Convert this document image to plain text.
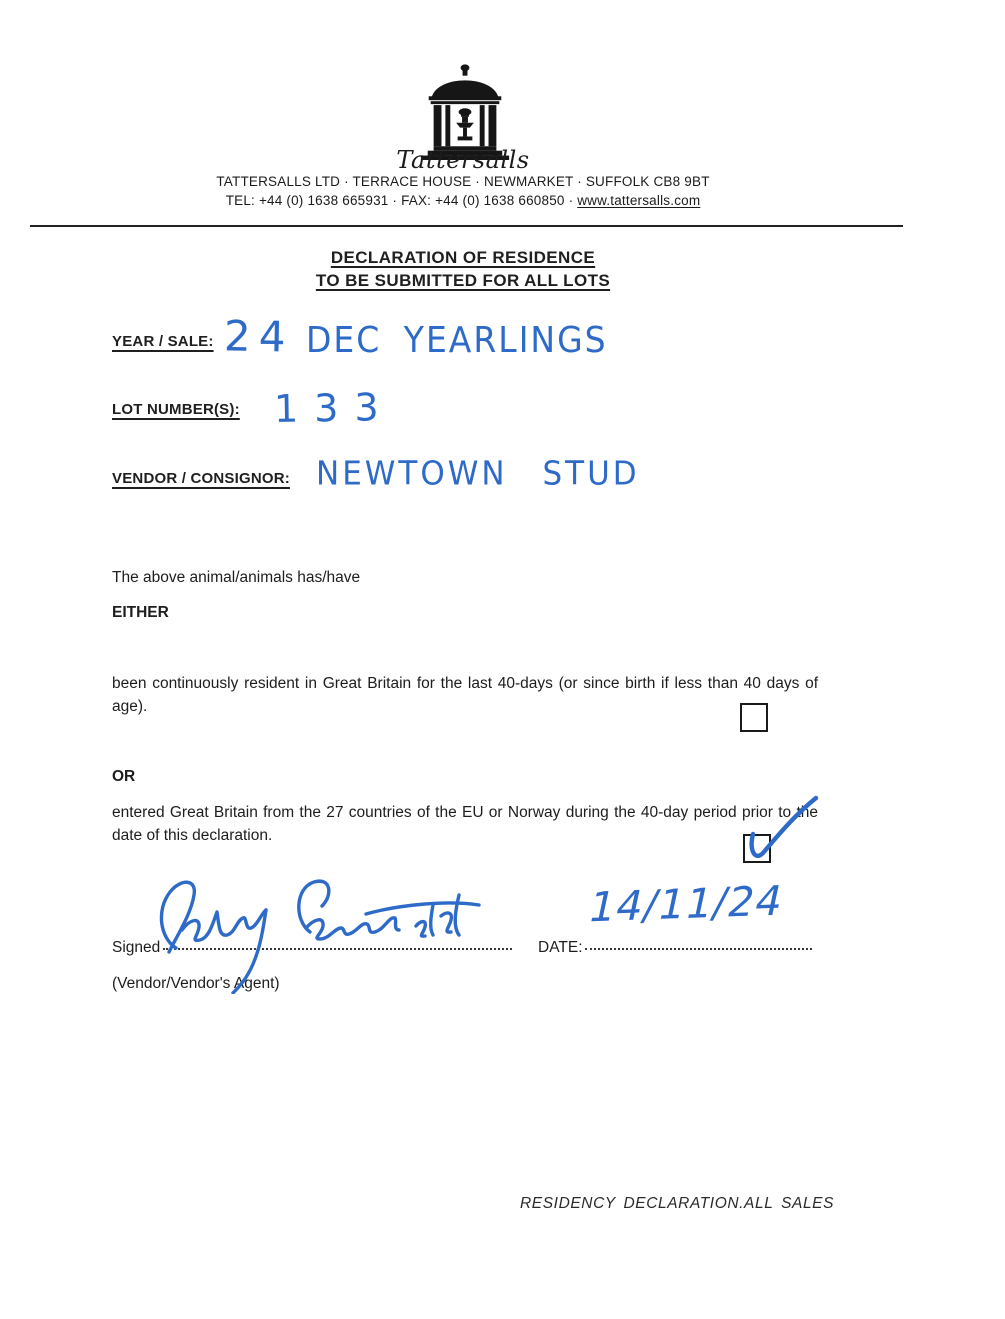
Tattersalls
TATTERSALLS LTD · TERRACE HOUSE · NEWMARKET · SUFFOLK CB8 9BT
TEL: +44 (0) 1638 665931 · FAX: +44 (0) 1638 660850 · www.tattersalls.com
DECLARATION OF RESIDENCE
TO BE SUBMITTED FOR ALL LOTS
YEAR / SALE: 24 DEC YEARLINGS
LOT NUMBER(S): 133
VENDOR / CONSIGNOR: NEWTOWN STUD
The above animal/animals has/have
EITHER
been continuously resident in Great Britain for the last 40-days (or since birth if less than 40 days of age).
OR
entered Great Britain from the 27 countries of the EU or Norway during the 40-day period prior to the date of this declaration.
Signed	DATE:
14/11/24
(Vendor/Vendor's Agent)
RESIDENCY DECLARATION.ALL SALES
